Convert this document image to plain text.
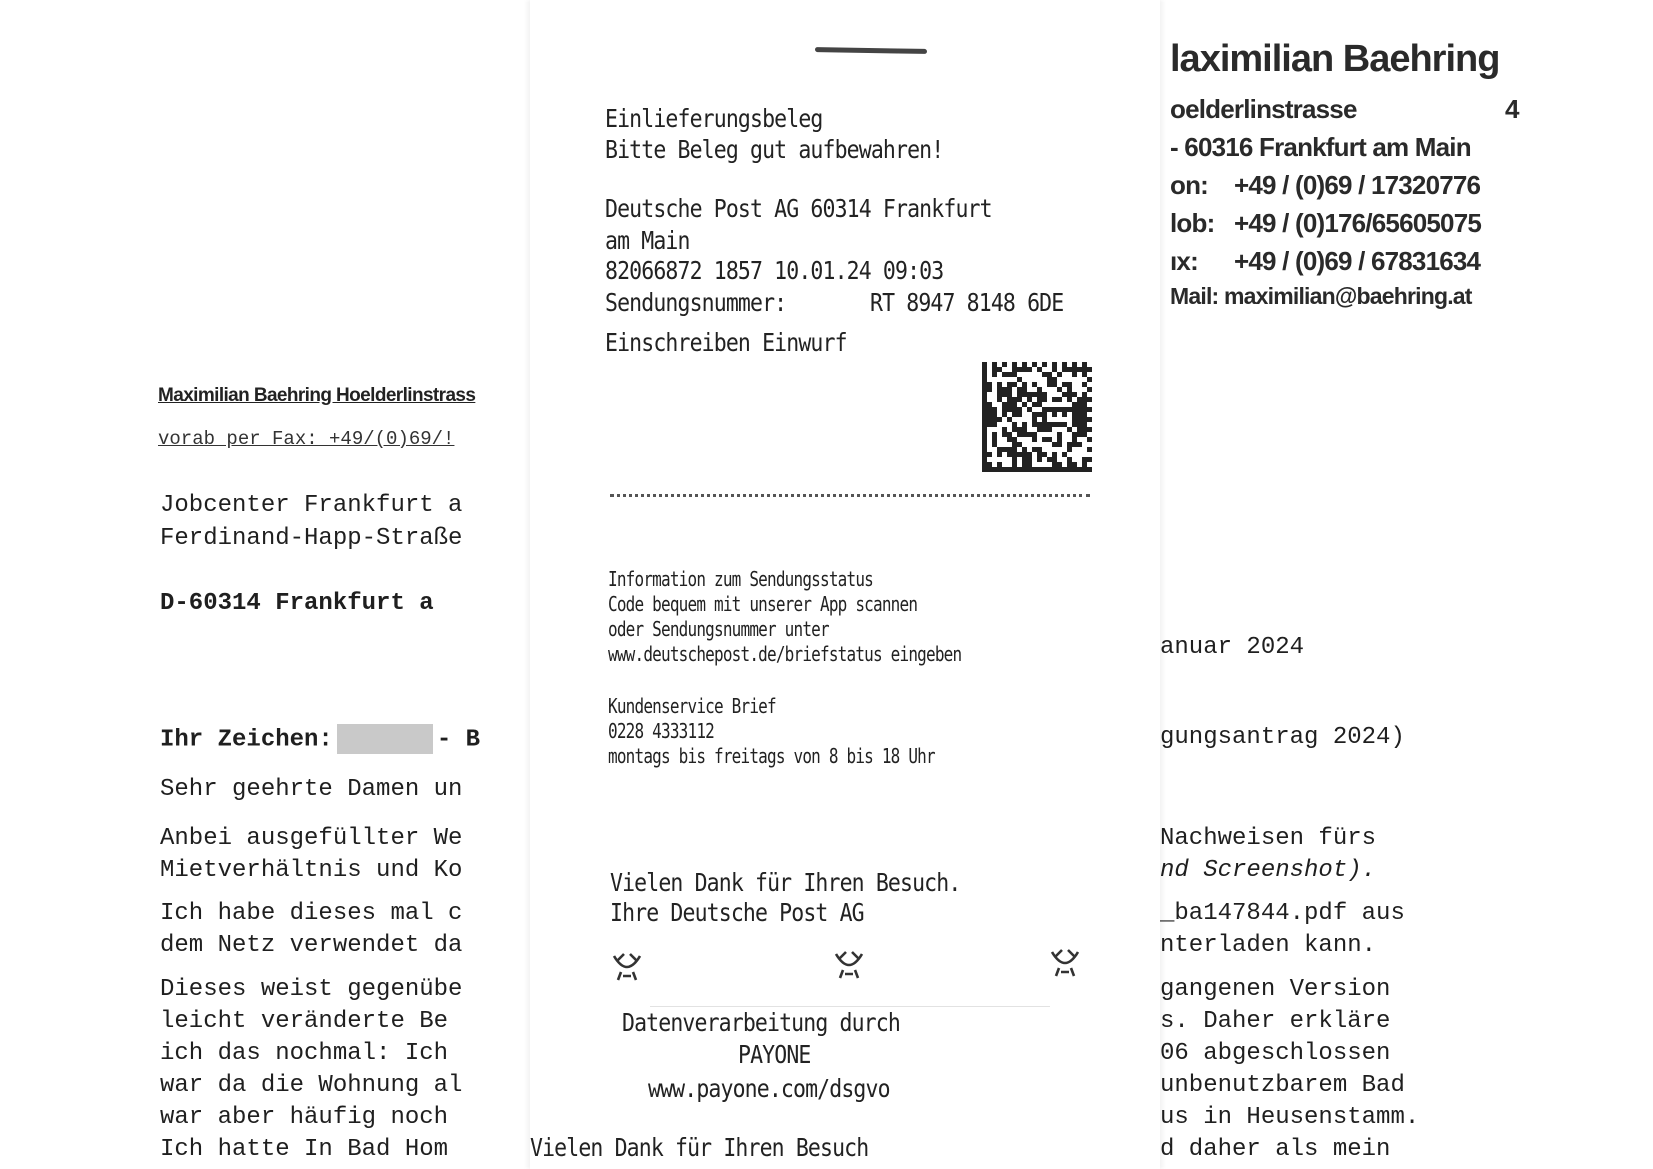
Maximilian Baehring Hoelderlinstrass
vorab per Fax: +49/(0)69/!
Jobcenter Frankfurt a
Ferdinand-Happ-Straße
D-60314 Frankfurt a
Ihr Zeichen:	- B
Sehr geehrte Damen un
Anbei ausgefüllter We
Mietverhältnis und Ko
Ich habe dieses mal c
dem Netz verwendet da
Dieses weist gegenübe
leicht veränderte Be
ich das nochmal: Ich
war da die Wohnung al
war aber häufig noch
Ich hatte In Bad Hom
laximilian Baehring
oelderlinstrasse	4
- 60316 Frankfurt am Main
on: +49 / (0)69 / 17320776
lob: +49 / (0)176/65605075
ıx: +49 / (0)69 / 67831634
Mail: maximilian@baehring.at
anuar 2024
gungsantrag 2024)
Nachweisen fürs
nd Screenshot).
_ba147844.pdf aus
nterladen kann.
gangenen Version
s. Daher erkläre
06 abgeschlossen
unbenutzbarem Bad
us in Heusenstamm.
d daher als mein
Einlieferungsbeleg
Bitte Beleg gut aufbewahren!
Deutsche Post AG 60314 Frankfurt
am Main
82066872 1857 10.01.24 09:03
Sendungsnummer:	RT 8947 8148 6DE
Einschreiben Einwurf
Information zum Sendungsstatus
Code bequem mit unserer App scannen
oder Sendungsnummer unter
www.deutschepost.de/briefstatus eingeben
Kundenservice Brief
0228 4333112
montags bis freitags von 8 bis 18 Uhr
Vielen Dank für Ihren Besuch.
Ihre Deutsche Post AG
Datenverarbeitung durch
PAYONE
www.payone.com/dsgvo
Vielen Dank für Ihren Besuch
